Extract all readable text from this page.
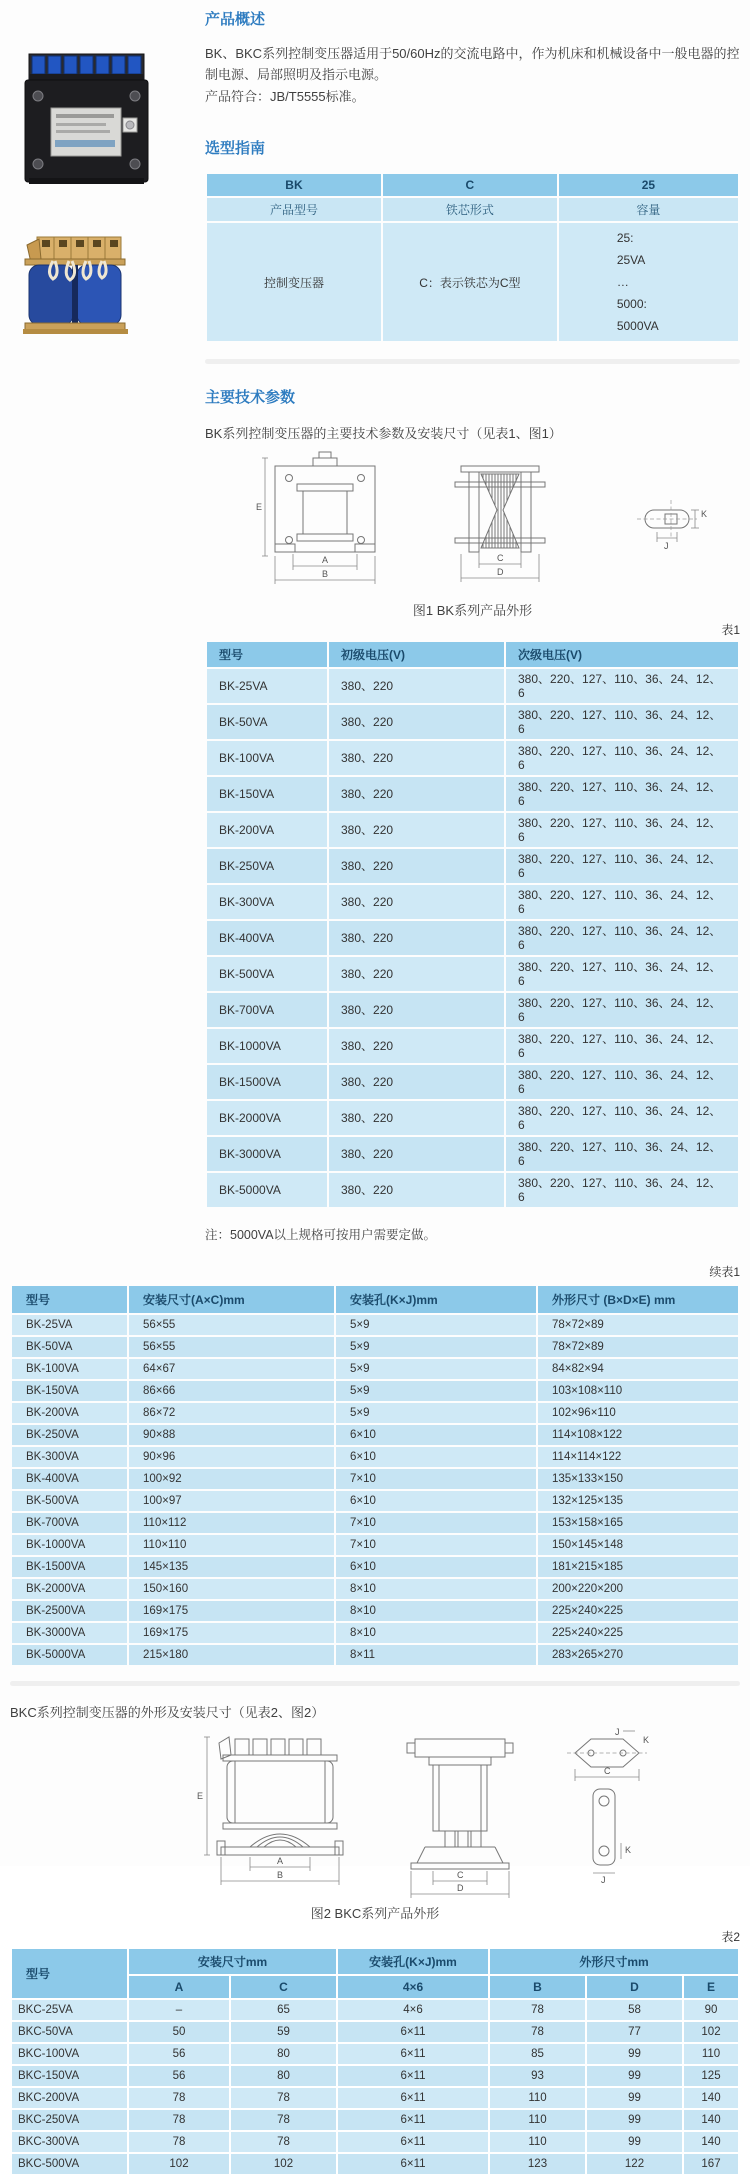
产品概述
BK、BKC系列控制变压器适用于50/60Hz的交流电路中，作为机床和机械设备中一般电器的控制电源、局部照明及指示电源。
产品符合：JB/T5555标准。
选型指南
BK	C	25
产品型号	铁芯形式	容量
控制变压器	C：表示铁芯为C型	25:
25VA
…
5000:
5000VA
主要技术参数
BK系列控制变压器的主要技术参数及安装尺寸（见表1、图1）
E
A
B
C
D
K
J
图1 BK系列产品外形
表1
型号	初级电压(V)	次级电压(V)
BK-25VA	380、220	380、220、127、110、36、24、12、6
BK-50VA	380、220	380、220、127、110、36、24、12、6
BK-100VA	380、220	380、220、127、110、36、24、12、6
BK-150VA	380、220	380、220、127、110、36、24、12、6
BK-200VA	380、220	380、220、127、110、36、24、12、6
BK-250VA	380、220	380、220、127、110、36、24、12、6
BK-300VA	380、220	380、220、127、110、36、24、12、6
BK-400VA	380、220	380、220、127、110、36、24、12、6
BK-500VA	380、220	380、220、127、110、36、24、12、6
BK-700VA	380、220	380、220、127、110、36、24、12、6
BK-1000VA	380、220	380、220、127、110、36、24、12、6
BK-1500VA	380、220	380、220、127、110、36、24、12、6
BK-2000VA	380、220	380、220、127、110、36、24、12、6
BK-3000VA	380、220	380、220、127、110、36、24、12、6
BK-5000VA	380、220	380、220、127、110、36、24、12、6
注：5000VA以上规格可按用户需要定做。
续表1
型号	安装尺寸(A×C)mm	安装孔(K×J)mm	外形尺寸 (B×D×E) mm
BK-25VA	56×55	5×9	78×72×89
BK-50VA	56×55	5×9	78×72×89
BK-100VA	64×67	5×9	84×82×94
BK-150VA	86×66	5×9	103×108×110
BK-200VA	86×72	5×9	102×96×110
BK-250VA	90×88	6×10	114×108×122
BK-300VA	90×96	6×10	114×114×122
BK-400VA	100×92	7×10	135×133×150
BK-500VA	100×97	6×10	132×125×135
BK-700VA	110×112	7×10	153×158×165
BK-1000VA	110×110	7×10	150×145×148
BK-1500VA	145×135	6×10	181×215×185
BK-2000VA	150×160	8×10	200×220×200
BK-2500VA	169×175	8×10	225×240×225
BK-3000VA	169×175	8×10	225×240×225
BK-5000VA	215×180	8×11	283×265×270
BKC系列控制变压器的外形及安装尺寸（见表2、图2）
E
A
B	C
D
J
K
C
K
J
图2 BKC系列产品外形
表2
型号	安装尺寸mm		安装孔(K×J)mm	外形尺寸mm		
	A	C	4×6	B	D	E
BKC-25VA	–	65	4×6	78	58	90
BKC-50VA	50	59	6×11	78	77	102
BKC-100VA	56	80	6×11	85	99	110
BKC-150VA	56	80	6×11	93	99	125
BKC-200VA	78	78	6×11	110	99	140
BKC-250VA	78	78	6×11	110	99	140
BKC-300VA	78	78	6×11	110	99	140
BKC-500VA	102	102	6×11	123	122	167
